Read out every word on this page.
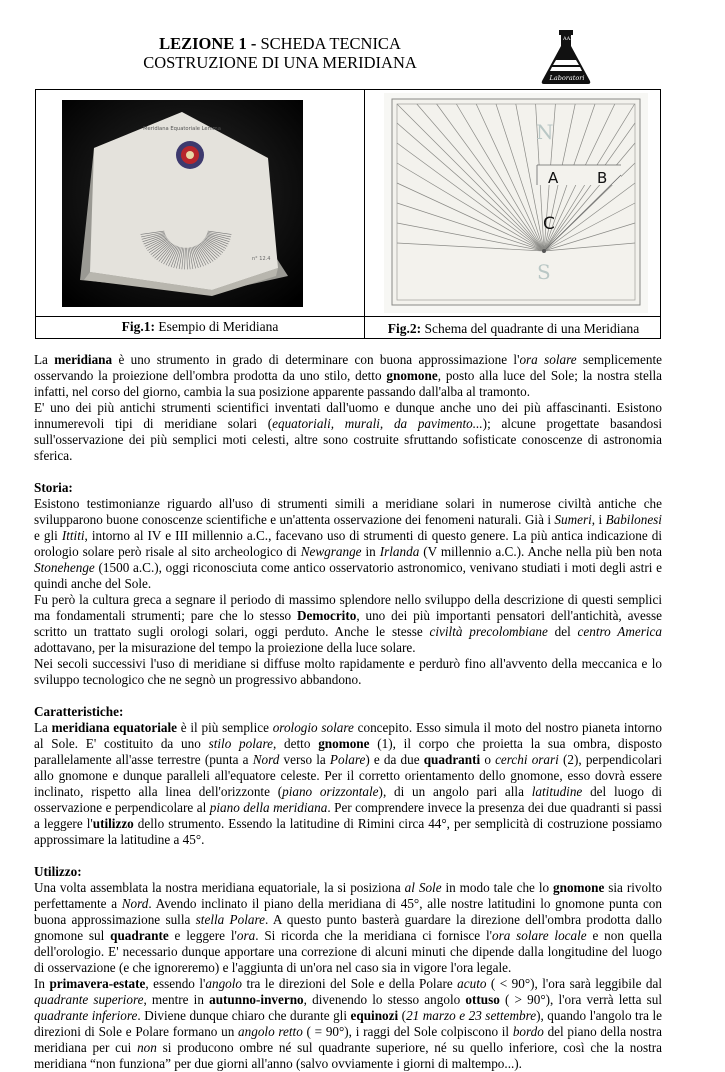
LEZIONE 1 - SCHEDA TECNICA
COSTRUZIONE DI UNA MERIDIANA
AAL
Laboratori
Meridiana Equatoriale Lemma
n° 12.4
A	B
C
N
S
Fig.1: Esempio di Meridiana	Fig.2: Schema del quadrante di una Meridiana

La meridiana è uno strumento in grado di determinare con buona approssimazione l'ora solare semplicemente osservando la proiezione dell'ombra prodotta da uno stilo, detto gnomone, posto alla luce del Sole; la nostra stella infatti, nel corso del giorno, cambia la sua posizione apparente passando dall'alba al tramonto.

E' uno dei più antichi strumenti scientifici inventati dall'uomo e dunque anche uno dei più affascinanti. Esistono innumerevoli tipi di meridiane solari (equatoriali, murali, da pavimento...); alcune progettate basandosi sull'osservazione dei più semplici moti celesti, altre sono costruite sfruttando sofisticate conoscenze di astronomia sferica.

Storia:

Esistono testimonianze riguardo all'uso di strumenti simili a meridiane solari in numerose civiltà antiche che svilupparono buone conoscenze scientifiche e un'attenta osservazione dei fenomeni naturali. Già i Sumeri, i Babilonesi e gli Ittiti, intorno al IV e III millennio a.C., facevano uso di strumenti di questo genere. La più antica indicazione di orologio solare però risale al sito archeologico di Newgrange in Irlanda (V millennio a.C.). Anche nella più ben nota Stonehenge (1500 a.C.), oggi riconosciuta come antico osservatorio astronomico, venivano studiati i moti degli astri e quindi anche del Sole.

Fu però la cultura greca a segnare il periodo di massimo splendore nello sviluppo della descrizione di questi semplici ma fondamentali strumenti; pare che lo stesso Democrito, uno dei più importanti pensatori dell'antichità, avesse scritto un trattato sugli orologi solari, oggi perduto. Anche le stesse civiltà precolombiane del centro America adottavano, per la misurazione del tempo la proiezione della luce solare.

Nei secoli successivi l'uso di meridiane si diffuse molto rapidamente e perdurò fino all'avvento della meccanica e lo sviluppo tecnologico che ne segnò un progressivo abbandono.

Caratteristiche:

La meridiana equatoriale è il più semplice orologio solare concepito. Esso simula il moto del nostro pianeta intorno al Sole. E' costituito da uno stilo polare, detto gnomone (1), il corpo che proietta la sua ombra, disposto parallelamente all'asse terrestre (punta a Nord verso la Polare) e da due quadranti o cerchi orari (2), perpendicolari allo gnomone e dunque paralleli all'equatore celeste. Per il corretto orientamento dello gnomone, esso dovrà essere inclinato, rispetto alla linea dell'orizzonte (piano orizzontale), di un angolo pari alla latitudine del luogo di osservazione e perpendicolare al piano della meridiana. Per comprendere invece la presenza dei due quadranti si passi a leggere l'utilizzo dello strumento. Essendo la latitudine di Rimini circa 44°, per semplicità di costruzione possiamo approssimare la latitudine a 45°.

Utilizzo:

Una volta assemblata la nostra meridiana equatoriale, la si posiziona al Sole in modo tale che lo gnomone sia rivolto perfettamente a Nord. Avendo inclinato il piano della meridiana di 45°, alle nostre latitudini lo gnomone punta con buona approssimazione sulla stella Polare. A questo punto basterà guardare la direzione dell'ombra prodotta dallo gnomone sul quadrante e leggere l'ora. Si ricorda che la meridiana ci fornisce l'ora solare locale e non quella dell'orologio. E' necessario dunque apportare una correzione di alcuni minuti che dipende dalla longitudine del luogo di osservazione (e che ignoreremo) e l'aggiunta di un'ora nel caso sia in vigore l'ora legale.

In primavera-estate, essendo l'angolo tra le direzioni del Sole e della Polare acuto ( < 90°), l'ora sarà leggibile dal quadrante superiore, mentre in autunno-inverno, divenendo lo stesso angolo ottuso ( > 90°), l'ora verrà letta sul quadrante inferiore. Diviene dunque chiaro che durante gli equinozi (21 marzo e 23 settembre), quando l'angolo tra le direzioni di Sole e Polare formano un angolo retto ( = 90°), i raggi del Sole colpiscono il bordo del piano della nostra meridiana per cui non si producono ombre né sul quadrante superiore, né su quello inferiore, così che la nostra meridiana “non funziona” per due giorni all'anno (salvo ovviamente i giorni di maltempo...).
